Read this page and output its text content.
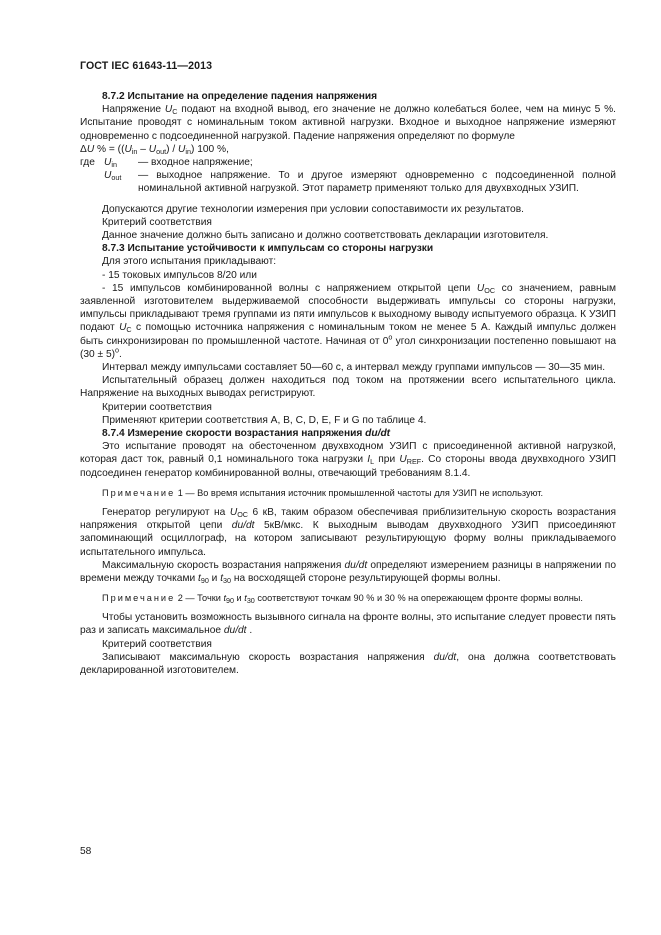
ГОСТ IEC 61643-11—2013

8.7.2 Испытание на определение падения напряжения

Напряжение $U_C$ подают на входной вывод, его значение не должно колебаться более, чем на минус 5 %. Испытание проводят с номинальным током активной нагрузки. Входное и выходное напряжение измеряют одновременно с подсоединенной нагрузкой. Падение напряжения определяют по формуле

ΔU % = $((U_{in} - U_{out}) / U_{in})$ 100 %,

где $U_{in}$	— входное напряжение;
$U_{out}$	— выходное напряжение. То и другое измеряют одновременно с подсоединенной полной номинальной активной нагрузкой. Этот параметр применяют только для двухвходных УЗИП.

Допускаются другие технологии измерения при условии сопоставимости их результатов.

Критерий соответствия

Данное значение должно быть записано и должно соответствовать декларации изготовителя.

8.7.3 Испытание устойчивости к импульсам со стороны нагрузки

Для этого испытания прикладывают:

- 15 токовых импульсов 8/20 или

- 15 импульсов комбинированной волны с напряжением открытой цепи $U_{OC}$ со значением, равным заявленной изготовителем выдерживаемой способности выдерживать импульсы со стороны нагрузки, импульсы прикладывают тремя группами из пяти импульсов к выходному выводу испытуемого образца. К УЗИП подают $U_C$ с помощью источника напряжения с номинальным током не менее 5 А. Каждый импульс должен быть синхронизирован по промышленной частоте. Начиная от $0^о$ угол синхронизации постепенно повышают на $(30 \pm 5)^о$.

Интервал между импульсами составляет 50—60 с, а интервал между группами импульсов — 30—35 мин.

Испытательный образец должен находиться под током на протяжении всего испытательного цикла. Напряжение на выходных выводах регистрируют.

Критерии соответствия

Применяют критерии соответствия A, B, C, D, E, F и G по таблице 4.

8.7.4 Измерение скорости возрастания напряжения du/dt

Это испытание проводят на обесточенном двухвходном УЗИП с присоединенной активной нагрузкой, которая даст ток, равный 0,1 номинального тока нагрузки $I_L$ при $U_{REF}$. Со стороны ввода двухвходного УЗИП подсоединен генератор комбинированной волны, отвечающий требованиям 8.1.4.

Примечание 1 — Во время испытания источник промышленной частоты для УЗИП не используют.

Генератор регулируют на $U_{OC}$ 6 кВ, таким образом обеспечивая приблизительную скорость возрастания напряжения открытой цепи du/dt 5кВ/мкс. К выходным выводам двухвходного УЗИП присоединяют запоминающий осциллограф, на котором записывают результирующую форму волны прикладываемого испытательного импульса.

Максимальную скорость возрастания напряжения du/dt определяют измерением разницы в напряжении по времени между точками $t_{90}$ и $t_{30}$ на восходящей стороне результирующей формы волны.

Примечание 2 — Точки $t_{90}$ и $t_{30}$ соответствуют точкам 90 % и 30 % на опережающем фронте формы волны.

Чтобы установить возможность вызывного сигнала на фронте волны, это испытание следует провести пять раз и записать максимальное du/dt .

Критерий соответствия

Записывают максимальную скорость возрастания напряжения du/dt, она должна соответствовать декларированной изготовителем.

58
